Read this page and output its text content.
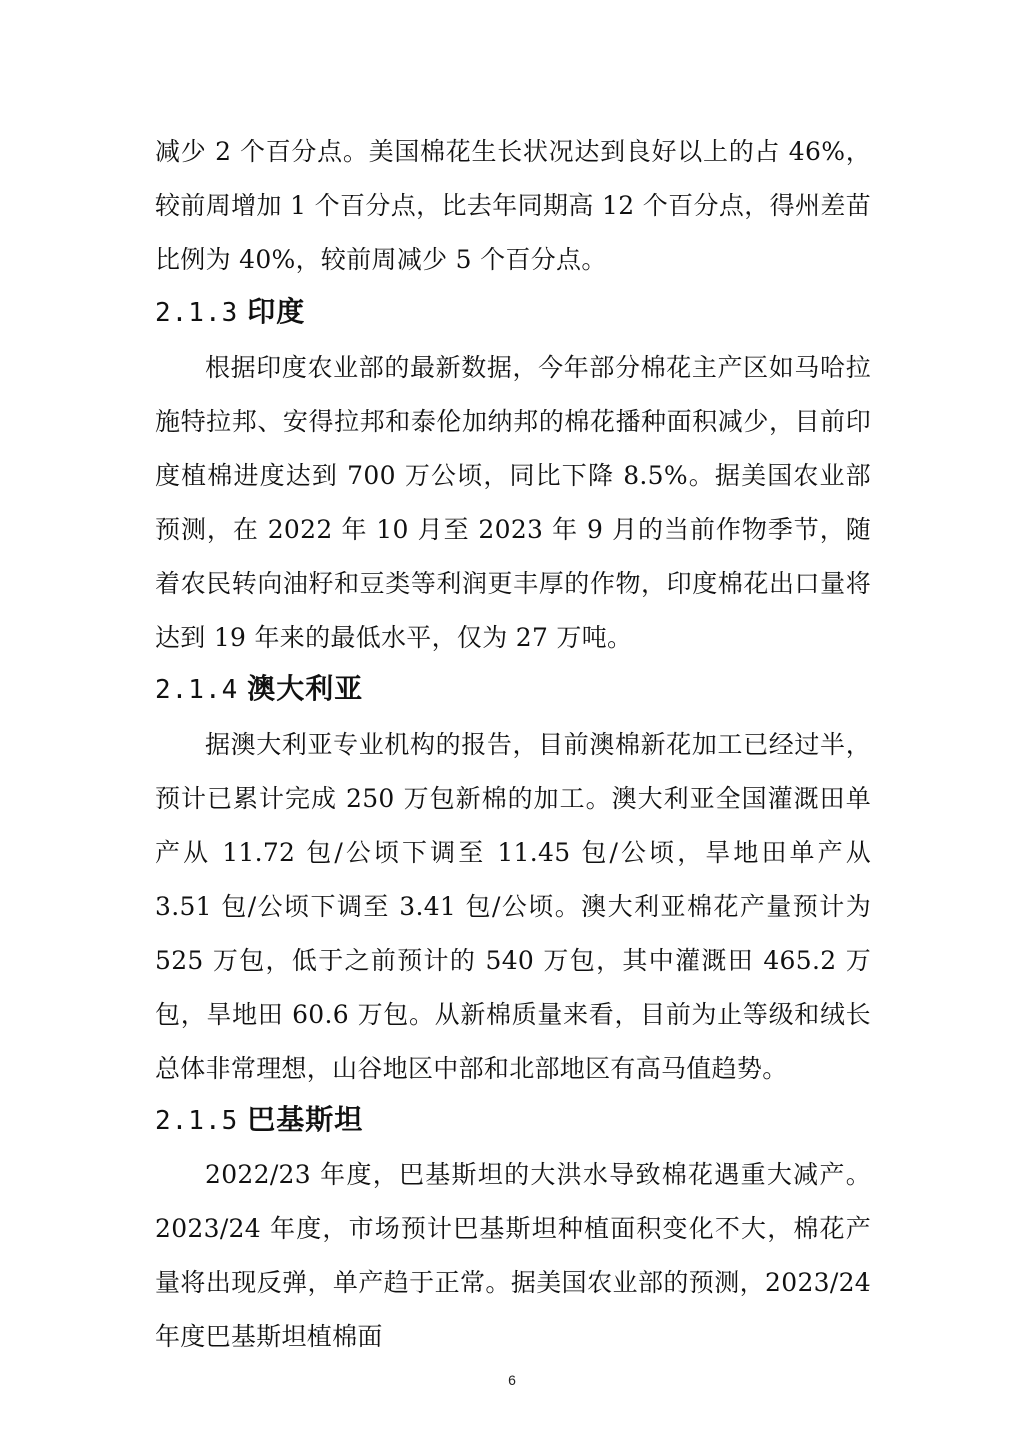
减少 2 个百分点。美国棉花生长状况达到良好以上的占 46%，较前周增加 1 个百分点，比去年同期高 12 个百分点，得州差苗比例为 40%，较前周减少 5 个百分点。

2.1.3 印度

根据印度农业部的最新数据，今年部分棉花主产区如马哈拉施特拉邦、安得拉邦和泰伦加纳邦的棉花播种面积减少，目前印度植棉进度达到 700 万公顷，同比下降 8.5%。据美国农业部预测，在 2022 年 10 月至 2023 年 9 月的当前作物季节，随着农民转向油籽和豆类等利润更丰厚的作物，印度棉花出口量将达到 19 年来的最低水平，仅为 27 万吨。

2.1.4 澳大利亚

据澳大利亚专业机构的报告，目前澳棉新花加工已经过半，预计已累计完成 250 万包新棉的加工。澳大利亚全国灌溉田单产从 11.72 包/公顷下调至 11.45 包/公顷，旱地田单产从 3.51 包/公顷下调至 3.41 包/公顷。澳大利亚棉花产量预计为 525 万包，低于之前预计的 540 万包，其中灌溉田 465.2 万包，旱地田 60.6 万包。从新棉质量来看，目前为止等级和绒长总体非常理想，山谷地区中部和北部地区有高马值趋势。

2.1.5 巴基斯坦

2022/23 年度，巴基斯坦的大洪水导致棉花遇重大减产。2023/24 年度，市场预计巴基斯坦种植面积变化不大，棉花产量将出现反弹，单产趋于正常。据美国农业部的预测，2023/24 年度巴基斯坦植棉面

6
